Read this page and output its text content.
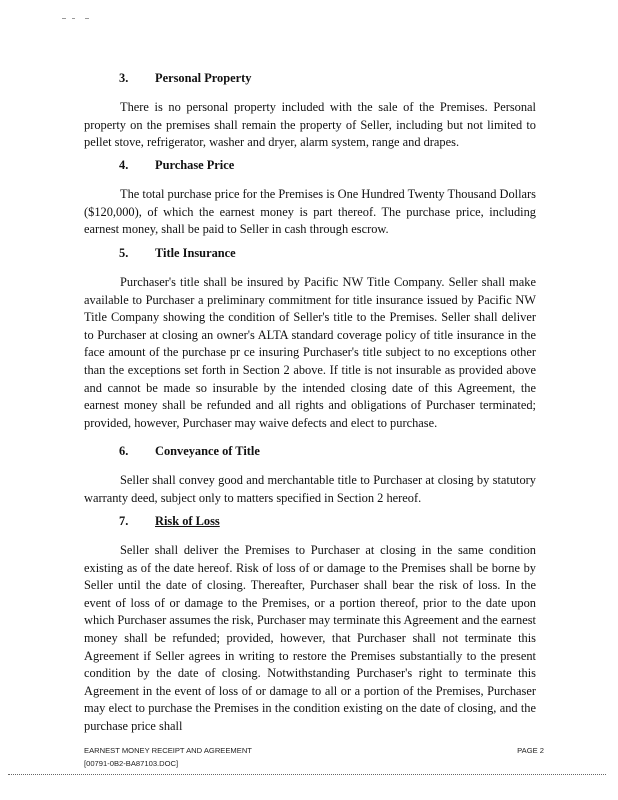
3. Personal Property

There is no personal property included with the sale of the Premises. Personal property on the premises shall remain the property of Seller, including but not limited to pellet stove, refrigerator, washer and dryer, alarm system, range and drapes.

4. Purchase Price

The total purchase price for the Premises is One Hundred Twenty Thousand Dollars ($120,000), of which the earnest money is part thereof. The purchase price, including earnest money, shall be paid to Seller in cash through escrow.

5. Title Insurance

Purchaser's title shall be insured by Pacific NW Title Company. Seller shall make available to Purchaser a preliminary commitment for title insurance issued by Pacific NW Title Company showing the condition of Seller's title to the Premises. Seller shall deliver to Purchaser at closing an owner's ALTA standard coverage policy of title insurance in the face amount of the purchase pr ce insuring Purchaser's title subject to no exceptions other than the exceptions set forth in Section 2 above. If title is not insurable as provided above and cannot be made so insurable by the intended closing date of this Agreement, the earnest money shall be refunded and all rights and obligations of Purchaser terminated; provided, however, Purchaser may waive defects and elect to purchase.

6. Conveyance of Title

Seller shall convey good and merchantable title to Purchaser at closing by statutory warranty deed, subject only to matters specified in Section 2 hereof.

7. Risk of Loss

Seller shall deliver the Premises to Purchaser at closing in the same condition existing as of the date hereof. Risk of loss of or damage to the Premises shall be borne by Seller until the date of closing. Thereafter, Purchaser shall bear the risk of loss. In the event of loss of or damage to the Premises, or a portion thereof, prior to the date upon which Purchaser assumes the risk, Purchaser may terminate this Agreement and the earnest money shall be refunded; provided, however, that Purchaser shall not terminate this Agreement if Seller agrees in writing to restore the Premises substantially to the present condition by the date of closing. Notwithstanding Purchaser's right to terminate this Agreement in the event of loss of or damage to all or a portion of the Premises, Purchaser may elect to purchase the Premises in the condition existing on the date of closing, and the purchase price shall

EARNEST MONEY RECEIPT AND AGREEMENT	PAGE 2
[00791-0B2-BA87103.DOC]
